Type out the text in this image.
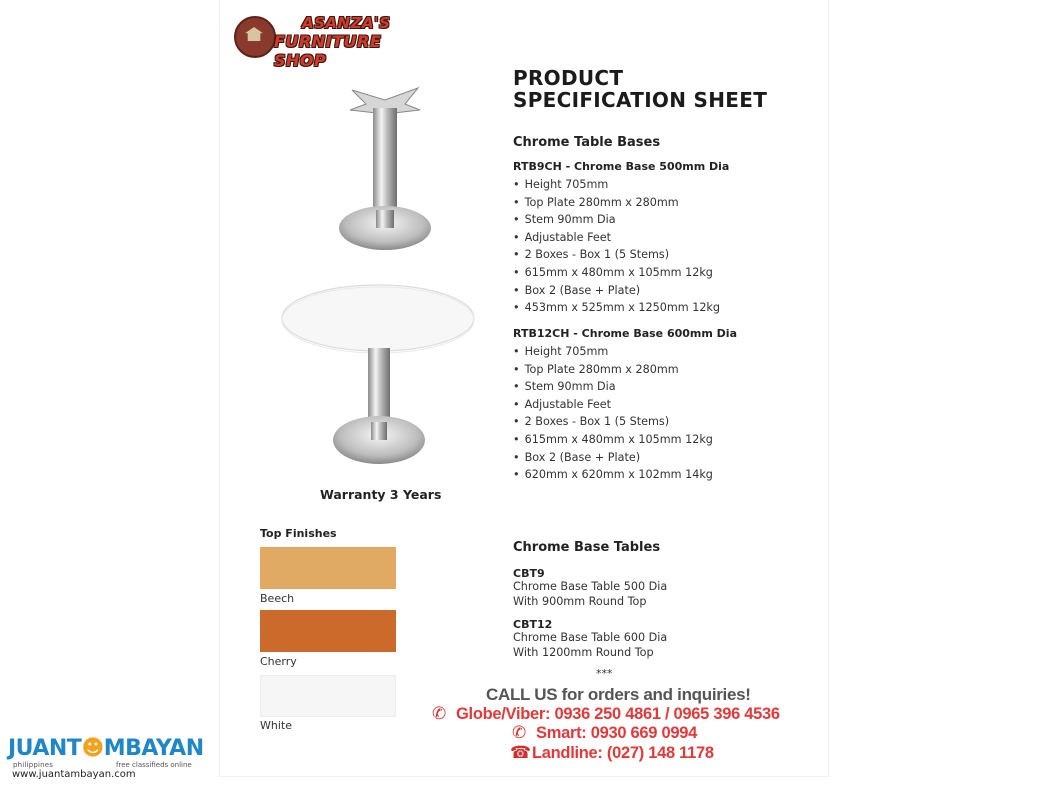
ASANZA'S
FURNITURE SHOP
PRODUCT
SPECIFICATION SHEET
Chrome Table Bases
RTB9CH - Chrome Base 500mm Dia
• Height 705mm
• Top Plate 280mm x 280mm
• Stem 90mm Dia
• Adjustable Feet
• 2 Boxes - Box 1 (5 Stems)
• 615mm x 480mm x 105mm 12kg
• Box 2 (Base + Plate)
• 453mm x 525mm x 1250mm 12kg
RTB12CH - Chrome Base 600mm Dia
• Height 705mm
• Top Plate 280mm x 280mm
• Stem 90mm Dia
• Adjustable Feet
• 2 Boxes - Box 1 (5 Stems)
• 615mm x 480mm x 105mm 12kg
• Box 2 (Base + Plate)
• 620mm x 620mm x 102mm 14kg
Warranty 3 Years
Top Finishes
Beech
Cherry
White
Chrome Base Tables
CBT9
Chrome Base Table 500 Dia
With 900mm Round Top
CBT12
Chrome Base Table 600 Dia
With 1200mm Round Top
***
CALL US for orders and inquiries!
✆ Globe/Viber: 0936 250 4861 / 0965 396 4536
✆ Smart: 0930 669 0994
☎ Landline: (027) 148 1178
JUANT☻MBAYAN
philippines	free classifieds online
www.juantambayan.com
